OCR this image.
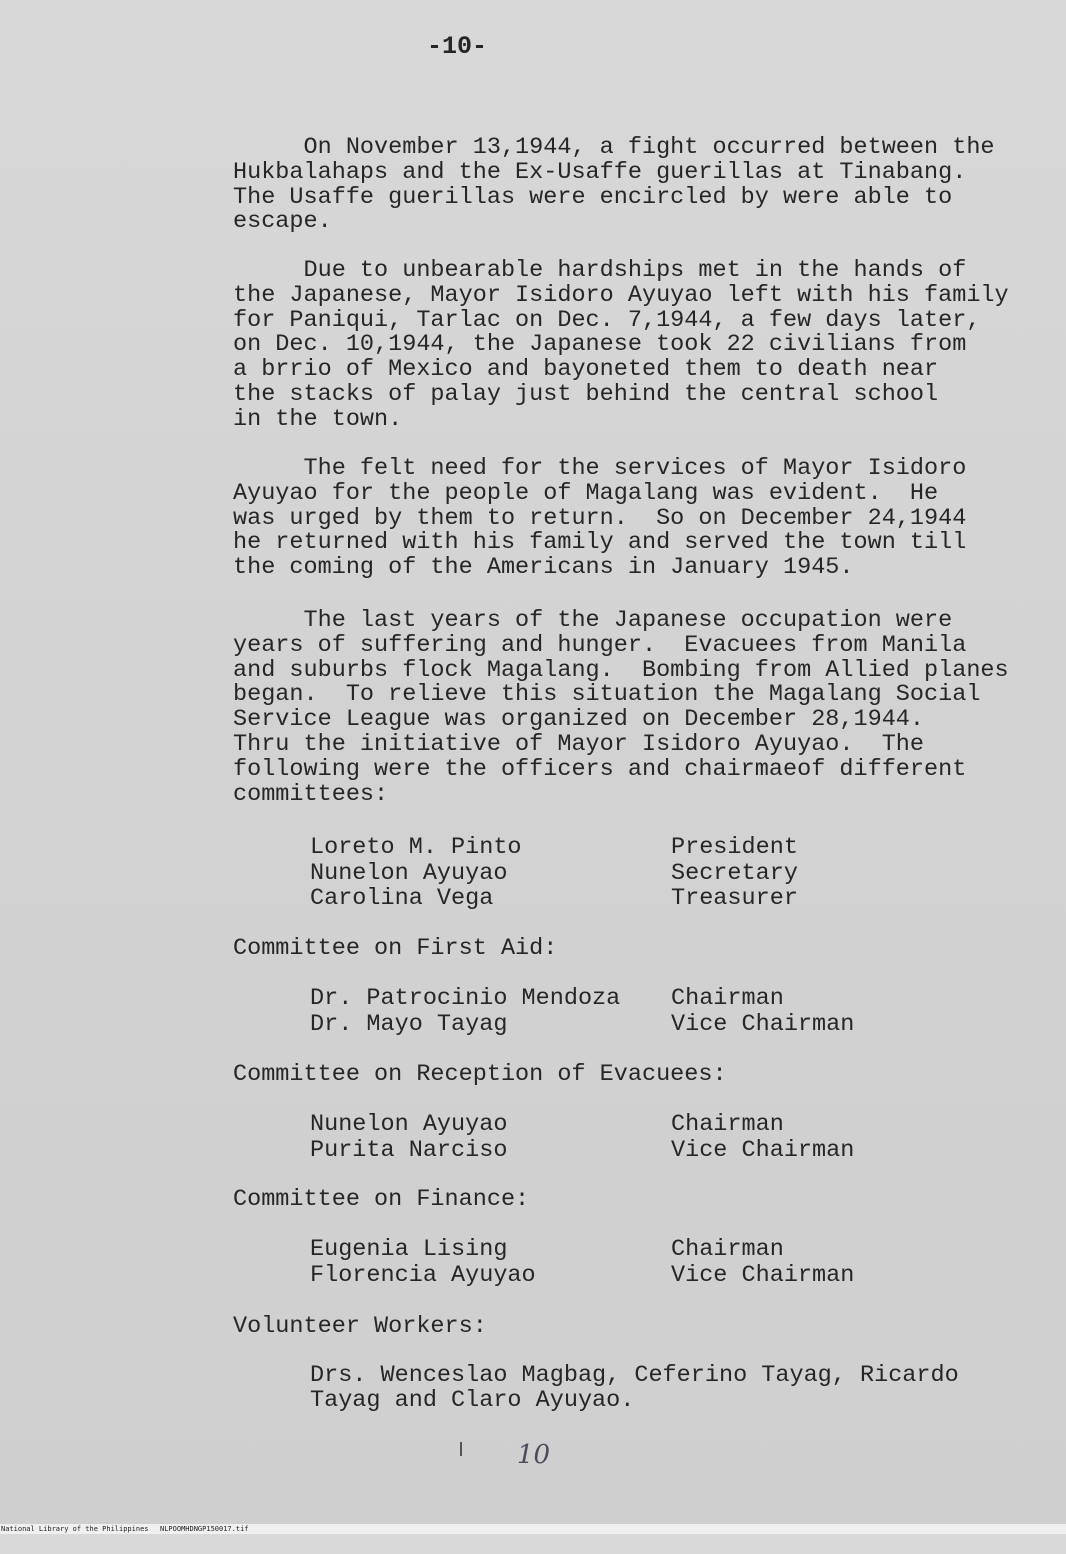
-10-
On November 13,1944, a fight occurred between the
Hukbalahaps and the Ex-Usaffe guerillas at Tinabang.
The Usaffe guerillas were encircled by were able to
escape.
Due to unbearable hardships met in the hands of
the Japanese, Mayor Isidoro Ayuyao left with his family
for Paniqui, Tarlac on Dec. 7,1944, a few days later,
on Dec. 10,1944, the Japanese took 22 civilians from
a brrio of Mexico and bayoneted them to death near
the stacks of palay just behind the central school
in the town.
The felt need for the services of Mayor Isidoro
Ayuyao for the people of Magalang was evident.  He
was urged by them to return.  So on December 24,1944
he returned with his family and served the town till
the coming of the Americans in January 1945.
The last years of the Japanese occupation were
years of suffering and hunger.  Evacuees from Manila
and suburbs flock Magalang.  Bombing from Allied planes
began.  To relieve this situation the Magalang Social
Service League was organized on December 28,1944.
Thru the initiative of Mayor Isidoro Ayuyao.  The
following were the officers and chairmaeof different
committees:
Loreto M. Pinto	President
Nunelon Ayuyao	Secretary
Carolina Vega	Treasurer
Committee on First Aid:
Dr. Patrocinio Mendoza	Chairman
Dr. Mayo Tayag	Vice Chairman
Committee on Reception of Evacuees:
Nunelon Ayuyao	Chairman
Purita Narciso	Vice Chairman
Committee on Finance:
Eugenia Lising	Chairman
Florencia Ayuyao	Vice Chairman
Volunteer Workers:
Drs. Wenceslao Magbag, Ceferino Tayag, Ricardo
Tayag and Claro Ayuyao.
10

National Library of the Philippines

NLPOOMHDNGP150017.tif
